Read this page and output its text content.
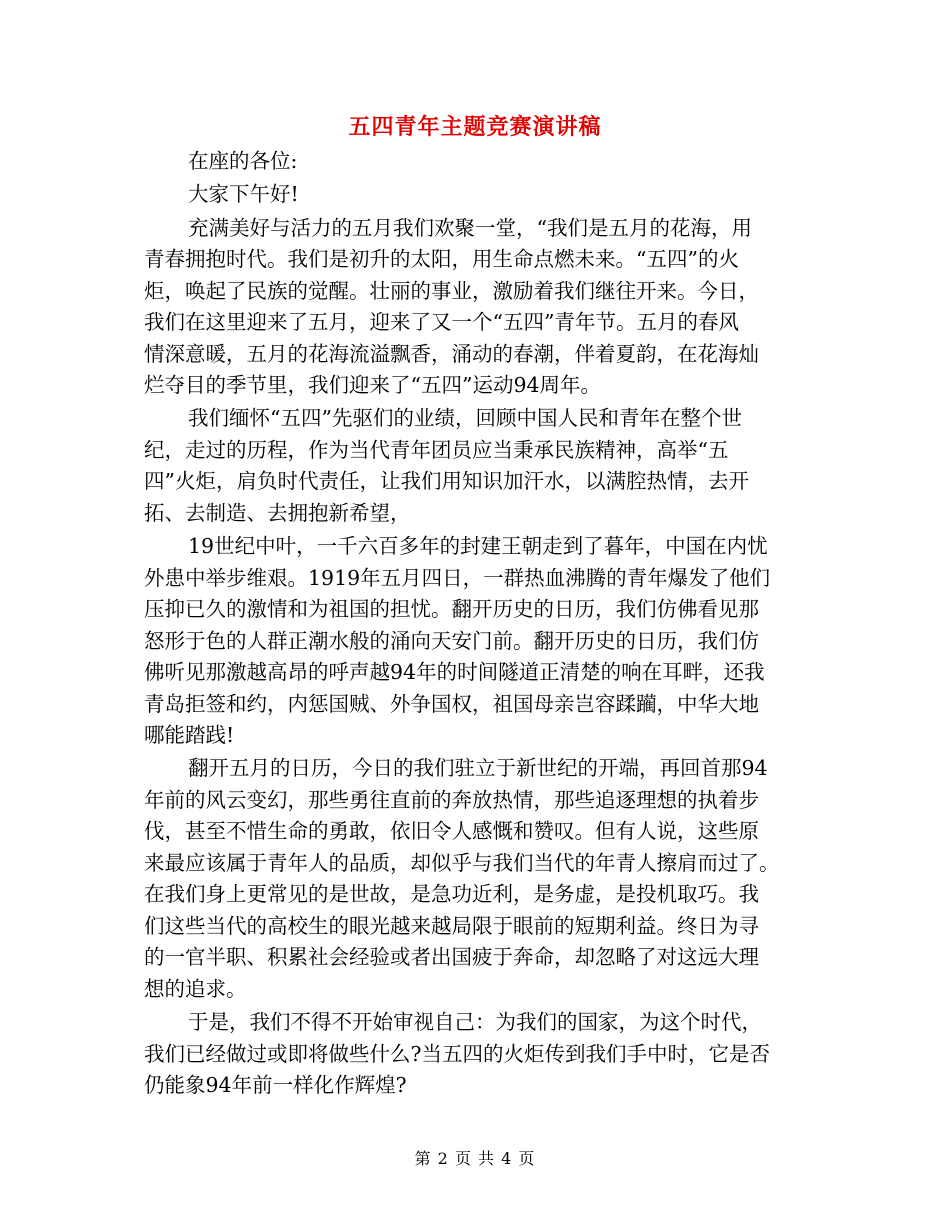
五四青年主题竞赛演讲稿
在座的各位:
大家下午好!
充满美好与活力的五月我们欢聚一堂，“我们是五月的花海，用
青春拥抱时代。我们是初升的太阳，用生命点燃未来。“五四”的火
炬，唤起了民族的觉醒。壮丽的事业，激励着我们继往开来。今日，
我们在这里迎来了五月，迎来了又一个“五四”青年节。五月的春风
情深意暖，五月的花海流溢飘香，涌动的春潮，伴着夏韵，在花海灿
烂夺目的季节里，我们迎来了“五四”运动94周年。
我们缅怀“五四”先驱们的业绩，回顾中国人民和青年在整个世
纪，走过的历程，作为当代青年团员应当秉承民族精神，高举“五
四”火炬，肩负时代责任，让我们用知识加汗水，以满腔热情，去开
拓、去制造、去拥抱新希望，
19世纪中叶，一千六百多年的封建王朝走到了暮年，中国在内忧
外患中举步维艰。1919年五月四日，一群热血沸腾的青年爆发了他们
压抑已久的激情和为祖国的担忧。翻开历史的日历，我们仿佛看见那
怒形于色的人群正潮水般的涌向天安门前。翻开历史的日历，我们仿
佛听见那激越高昂的呼声越94年的时间隧道正清楚的响在耳畔，还我
青岛拒签和约，内惩国贼、外争国权，祖国母亲岂容蹂躏，中华大地
哪能踏践!
翻开五月的日历，今日的我们驻立于新世纪的开端，再回首那94
年前的风云变幻，那些勇往直前的奔放热情，那些追逐理想的执着步
伐，甚至不惜生命的勇敢，依旧令人感慨和赞叹。但有人说，这些原
来最应该属于青年人的品质，却似乎与我们当代的年青人擦肩而过了。
在我们身上更常见的是世故，是急功近利，是务虚，是投机取巧。我
们这些当代的高校生的眼光越来越局限于眼前的短期利益。终日为寻
的一官半职、积累社会经验或者出国疲于奔命，却忽略了对这远大理
想的追求。
于是，我们不得不开始审视自己：为我们的国家，为这个时代，
我们已经做过或即将做些什么?当五四的火炬传到我们手中时，它是否
仍能象94年前一样化作辉煌?
第 2 页 共 4 页
